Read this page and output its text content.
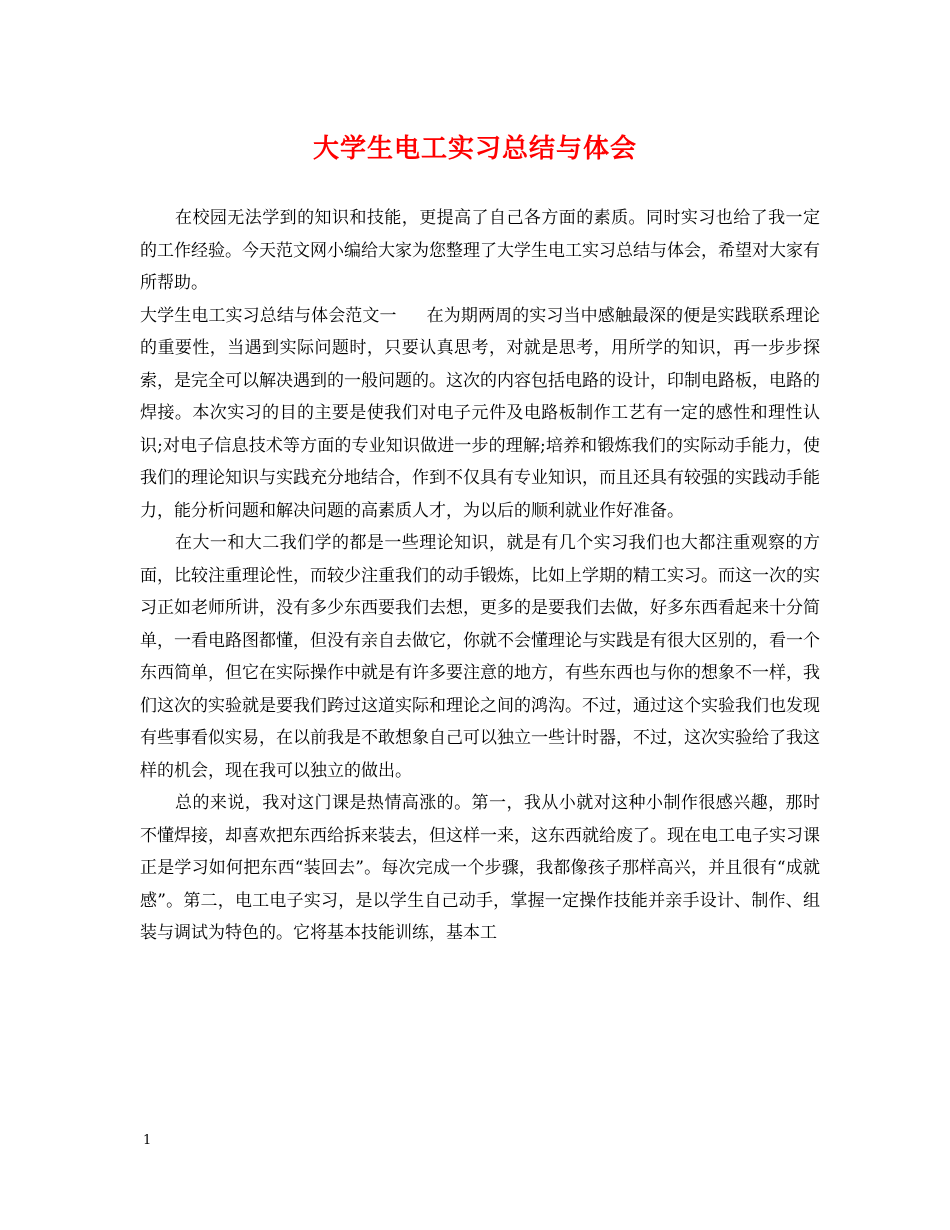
大学生电工实习总结与体会

在校园无法学到的知识和技能，更提高了自己各方面的素质。同时实习也给了我一定的工作经验。今天范文网小编给大家为您整理了大学生电工实习总结与体会，希望对大家有所帮助。

大学生电工实习总结与体会范文一 在为期两周的实习当中感触最深的便是实践联系理论的重要性，当遇到实际问题时，只要认真思考，对就是思考，用所学的知识，再一步步探索，是完全可以解决遇到的一般问题的。这次的内容包括电路的设计，印制电路板，电路的焊接。本次实习的目的主要是使我们对电子元件及电路板制作工艺有一定的感性和理性认识;对电子信息技术等方面的专业知识做进一步的理解;培养和锻炼我们的实际动手能力，使我们的理论知识与实践充分地结合，作到不仅具有专业知识，而且还具有较强的实践动手能力，能分析问题和解决问题的高素质人才，为以后的顺利就业作好准备。

在大一和大二我们学的都是一些理论知识，就是有几个实习我们也大都注重观察的方面，比较注重理论性，而较少注重我们的动手锻炼，比如上学期的精工实习。而这一次的实习正如老师所讲，没有多少东西要我们去想，更多的是要我们去做，好多东西看起来十分简单，一看电路图都懂，但没有亲自去做它，你就不会懂理论与实践是有很大区别的，看一个东西简单，但它在实际操作中就是有许多要注意的地方，有些东西也与你的想象不一样，我们这次的实验就是要我们跨过这道实际和理论之间的鸿沟。不过，通过这个实验我们也发现有些事看似实易，在以前我是不敢想象自己可以独立一些计时器，不过，这次实验给了我这样的机会，现在我可以独立的做出。

总的来说，我对这门课是热情高涨的。第一，我从小就对这种小制作很感兴趣，那时不懂焊接，却喜欢把东西给拆来装去，但这样一来，这东西就给废了。现在电工电子实习课正是学习如何把东西“装回去”。每次完成一个步骤，我都像孩子那样高兴，并且很有“成就感”。第二，电工电子实习，是以学生自己动手，掌握一定操作技能并亲手设计、制作、组装与调试为特色的。它将基本技能训练，基本工

1
